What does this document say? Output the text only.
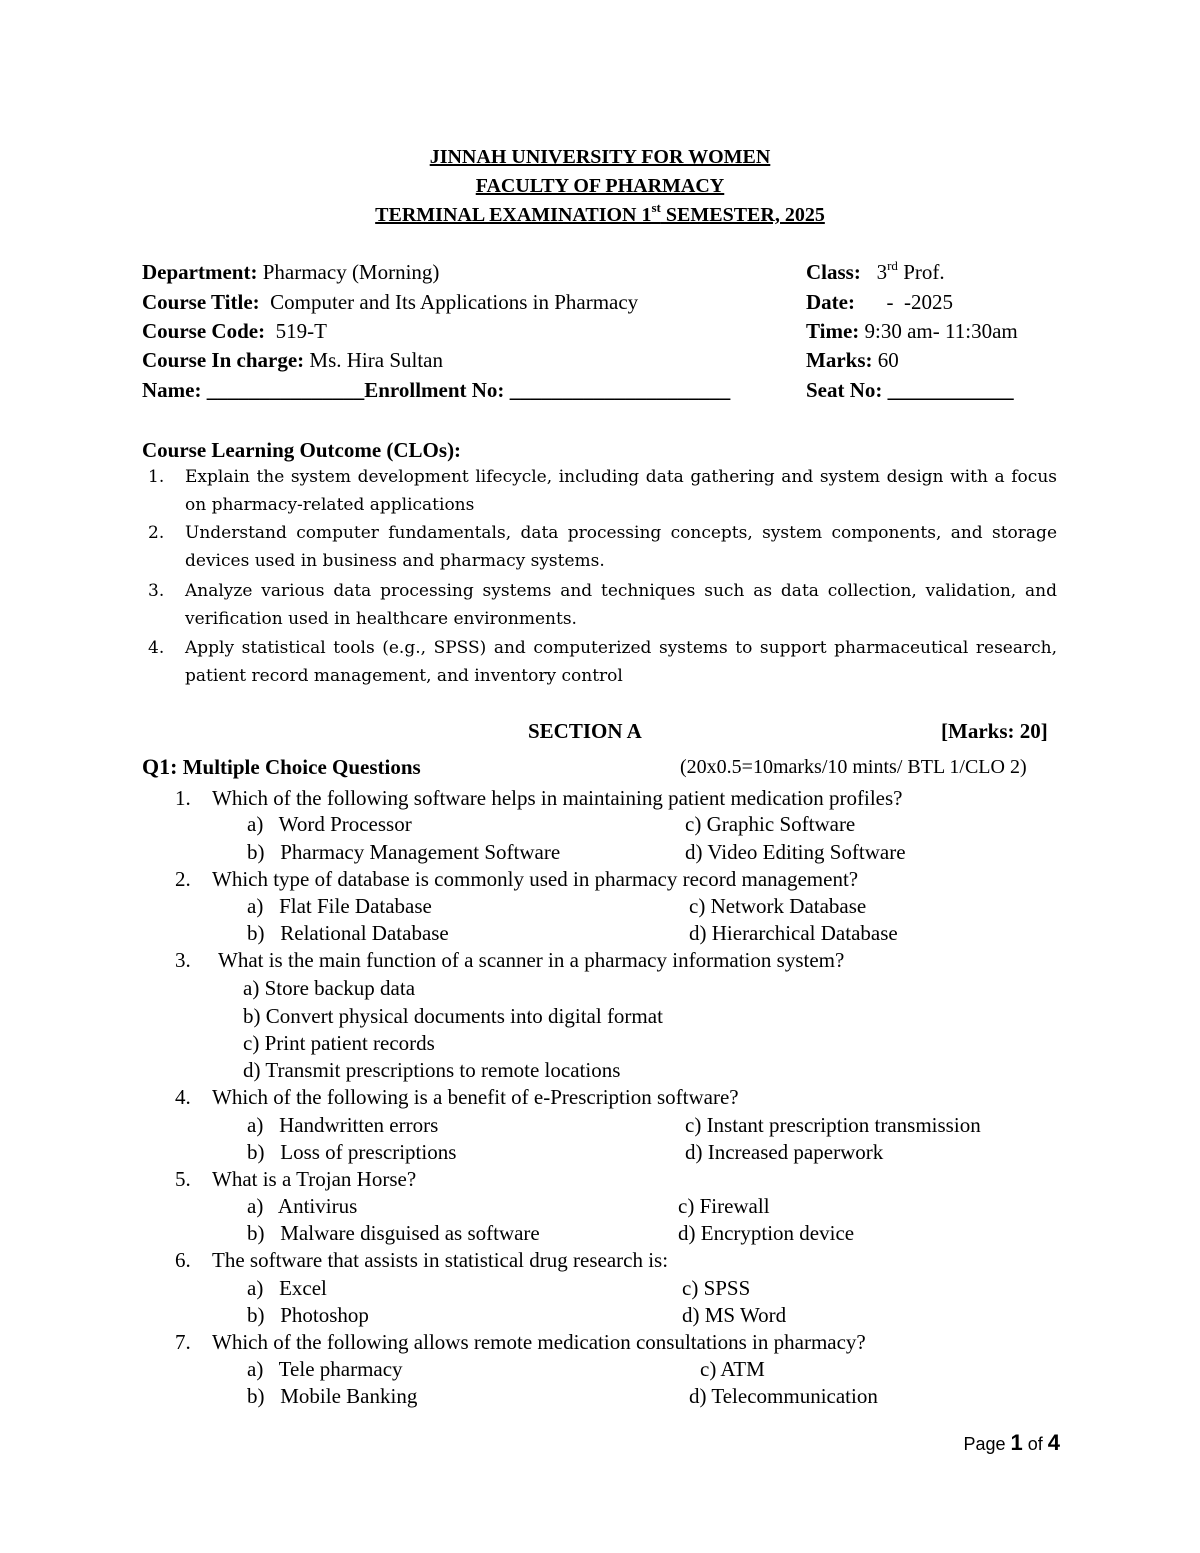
JINNAH UNIVERSITY FOR WOMEN
FACULTY OF PHARMACY
TERMINAL EXAMINATION 1st SEMESTER, 2025
Department: Pharmacy (Morning)
Course Title:  Computer and Its Applications in Pharmacy
Course Code:  519-T
Course In charge: Ms. Hira Sultan
Name: _______________Enrollment No: _____________________
Class:   3rd Prof.
Date:      -  -2025
Time: 9:30 am- 11:30am
Marks: 60
Seat No: ____________
Course Learning Outcome (CLOs):
1. Explain the system development lifecycle, including data gathering and system design with a focus on pharmacy-related applications
2. Understand computer fundamentals, data processing concepts, system components, and storage devices used in business and pharmacy systems.
3. Analyze various data processing systems and techniques such as data collection, validation, and verification used in healthcare environments.
4. Apply statistical tools (e.g., SPSS) and computerized systems to support pharmaceutical research, patient record management, and inventory control
SECTION A	[Marks: 20]
Q1: Multiple Choice Questions	(20x0.5=10marks/10 mints/ BTL 1/CLO 2)
1. Which of the following software helps in maintaining patient medication profiles?
a)   Word Processor	c) Graphic Software
b)   Pharmacy Management Software	d) Video Editing Software
2. Which type of database is commonly used in pharmacy record management?
a)   Flat File Database	c) Network Database
b)   Relational Database	d) Hierarchical Database
3. What is the main function of a scanner in a pharmacy information system?
a) Store backup data
b) Convert physical documents into digital format
c) Print patient records
d) Transmit prescriptions to remote locations
4. Which of the following is a benefit of e-Prescription software?
a)   Handwritten errors	c) Instant prescription transmission
b)   Loss of prescriptions	d) Increased paperwork
5. What is a Trojan Horse?
a)   Antivirus	c) Firewall
b)   Malware disguised as software	d) Encryption device
6. The software that assists in statistical drug research is:
a)   Excel	c) SPSS
b)   Photoshop	d) MS Word
7. Which of the following allows remote medication consultations in pharmacy?
a)   Tele pharmacy	c) ATM
b)   Mobile Banking	d) Telecommunication
Page 1 of 4
